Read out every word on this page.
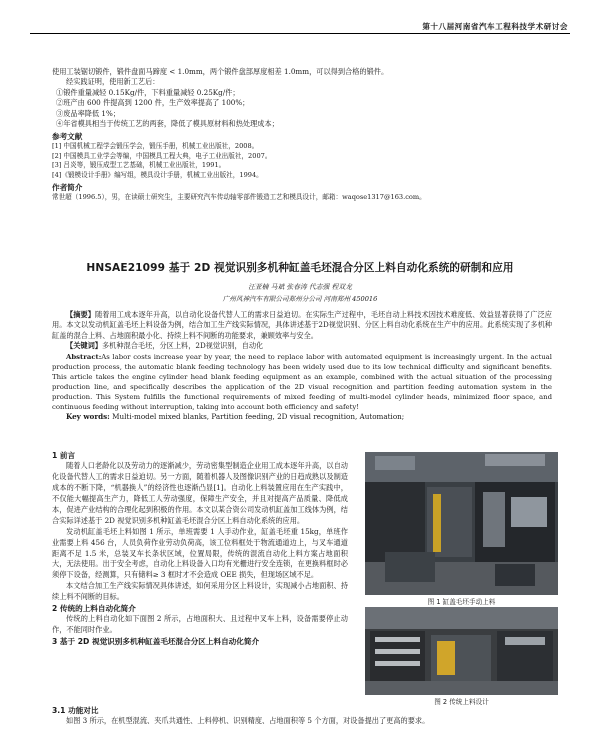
第十八届河南省汽车工程科技学术研讨会
使用工装锯切锻件，锻件盘面马蹄度 < 1.0mm，两个锻件盘部厚度相差 1.0mm，可以得到合格的锻件。
经实践证明，使用新工艺后：
①锻件重量减轻 0.15Kg/件，下料重量减轻 0.25Kg/件；
②班产由 600 件提高到 1200 件，生产效率提高了 100%；
③废品率降低 1%；
④年省模具相当于传统工艺的两套，降低了模具原材料和热处理成本；
参考文献
[1] 中国机械工程学会锻压学会，锻压手册，机械工业出版社，2008。
[2] 中国模具工业学会等编，中国模具工程大典，电子工业出版社，2007。
[3] 吕炎等，锻压成型工艺基础，机械工业出版社，1991。
[4]《锻模设计手册》编写组，模具设计手册，机械工业出版社，1994。
作者简介
常世超（1996.5），男，在读硕士研究生，主要研究汽车传动轴零部件锻造工艺和模具设计，邮箱：waqose1317@163.com。
HNSAE21099 基于 2D 视觉识别多机种缸盖毛坯混合分区上料自动化系统的研制和应用
汪亚楠 马斌 张春涛 代志强 程双龙
广州风神汽车有限公司郑州分公司 河南郑州 450016
【摘要】随着用工成本逐年升高，以自动化设备代替人工的需求日益迫切。在实际生产过程中，毛坯自动上料技术因技术难度低、效益显著获得了广泛应用。本文以发动机缸盖毛坯上料设备为例，结合加工生产线实际情况，具体讲述基于2D视觉识别、分区上料自动化系统在生产中的应用。此系统实现了多机种缸盖的混合上料、占地面积最小化、持续上料不间断的功能要求，兼顾效率与安全。
【关键词】多机种混合毛坯，分区上料，2D视觉识别，自动化
Abstract:As labor costs increase year by year, the need to replace labor with automated equipment is increasingly urgent. In the actual production process, the automatic blank feeding technology has been widely used due to its low technical difficulty and significant benefits. This article takes the engine cylinder head blank feeding equipment as an example, combined with the actual situation of the processing production line, and specifically describes the application of the 2D visual recognition and partition feeding automation system in the production. This System fulfills the functional requirements of mixed feeding of multi-model cylinder heads, minimized floor space, and continuous feeding without interruption, taking into account both efficiency and safety!
Key words: Multi-model mixed blanks, Partition feeding, 2D visual recognition, Automation;
1 前言
随着人口老龄化以及劳动力的逐渐减少，劳动密集型制造企业用工成本逐年升高，以自动化设备代替人工的需求日益迫切。另一方面，随着机器人及图像识别产业的日趋成熟以及制造成本的不断下降，“机器换人”的经济性也逐渐凸显[1]。自动化上料装置应用在生产实践中，不仅能大幅提高生产力，降低工人劳动强度，保障生产安全，并且对提高产品质量、降低成本，促进产业结构的合理化起到积极的作用。本文以某合资公司发动机缸盖加工线体为例，结合实际详述基于 2D 视觉识别多机种缸盖毛坯混合分区上料自动化系统的应用。
发动机缸盖毛坯上料如图 1 所示，单班需要 1 人手动作业，缸盖毛坯重 15kg，单班作业需要上料 456 台，人员负荷作业劳动负荷高，该工位料框处于物流通道边上，与叉车通道距离不足 1.5 米，总装叉车长条状区域，位置局限，传统的混流自动化上料方案占地面积大，无法使用。出于安全考虑，自动化上料设备入口均有光栅进行安全连锁，在更换料框时必须停下设备，经测算，只有储料≥ 3 框时才不会造成 OEE 损失，但现场区域不足。
本文结合加工生产线实际情况具体讲述，如何采用分区上料设计，实现减小占地面积、持续上料不间断的目标。
2 传统的上料自动化简介
传统的上料自动化如下面图 2 所示，占地面积大、且过程中叉车上料，设备需要停止动作，不能同时作业。
3 基于 2D 视觉识别多机种缸盖毛坯混合分区上料自动化简介
图 1 缸盖毛坯手动上料
图 2 传统上料设计
3.1 功能对比
如图 3 所示，在机型混流、夹爪共通性、上料停机、识别精度、占地面积等 5 个方面，对设备提出了更高的要求。
